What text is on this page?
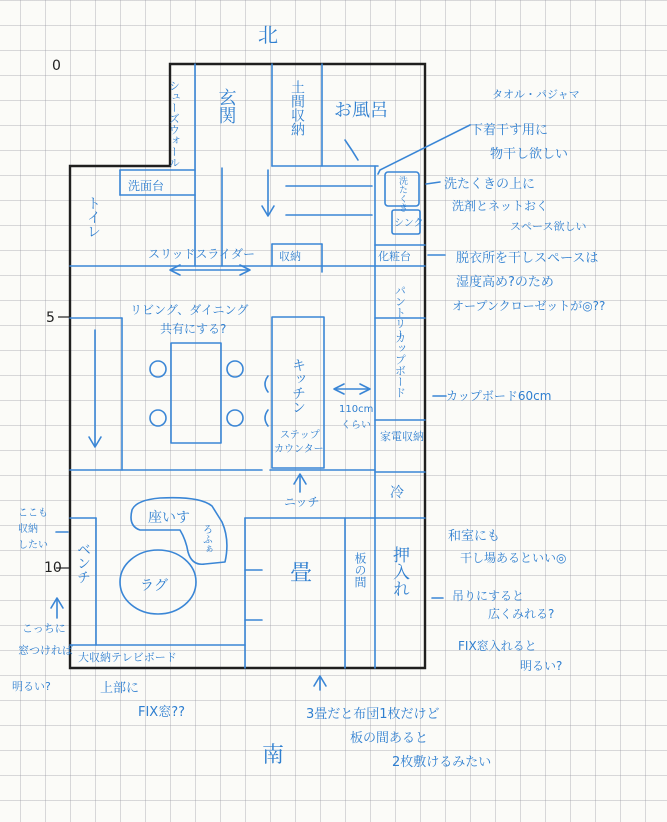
0
5
10
北
南
シューズウォール 玄関	土間収納 お風呂
洗面台
トイレ
洗たくき
シンク
スリッドスライダー 収納	化粧台
パントリー
リビング、ダイニング
共有にする?
キッチン
ステップ
カウンター
110cm
くらい
カップボード
家電収納
冷
ニッチ
座いす
ろふぁ
ラグ
ベンチ
大収納テレビボード
畳	板の間 押入れ
タオル・パジャマ
下着干す用に
物干し欲しい
洗たくきの上に
洗剤とネットおく
スペース欲しい
脱衣所を干しスペースは
湿度高め?のため
オープンクローゼットが◎??
カップボード60cm
ここも
収納
したい
こっちに
窓つければ
明るい?
和室にも
干し場あるといい◎
吊りにすると
広くみれる?
FIX窓入れると
明るい?
上部に
FIX窓??	3畳だと布団1枚だけど
板の間あると
2枚敷けるみたい
